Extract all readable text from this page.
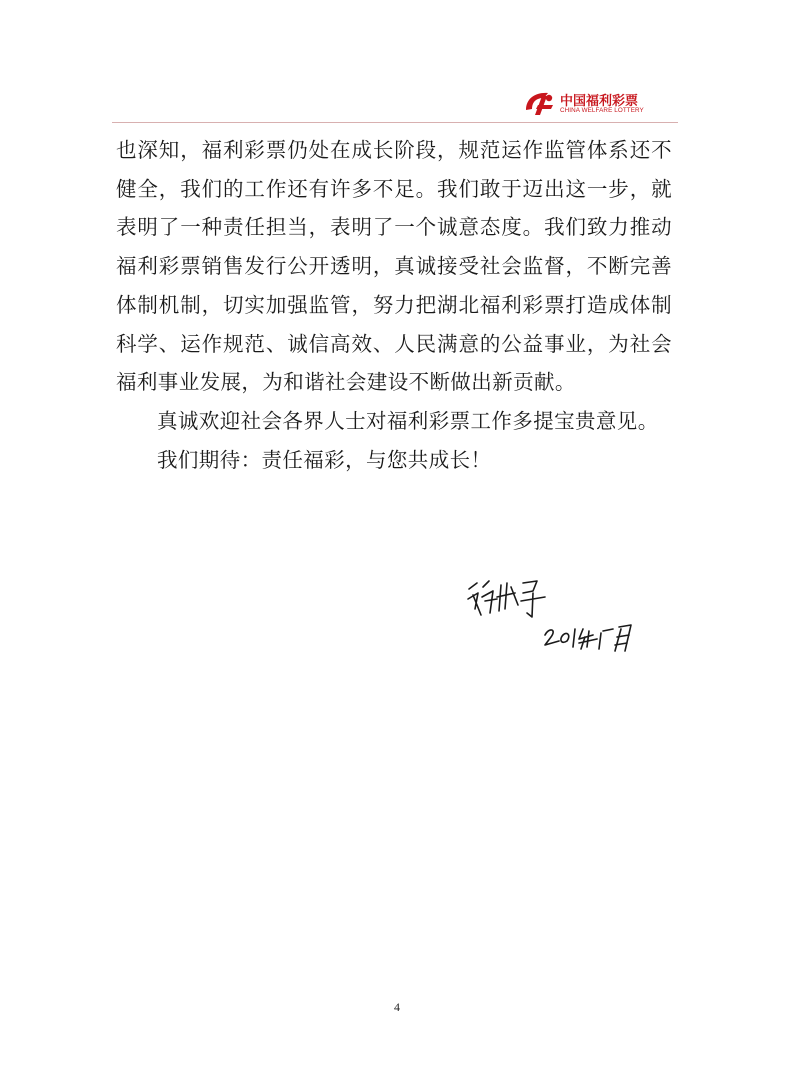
中国福利彩票
CHINA WELFARE LOTTERY

也深知，福利彩票仍处在成长阶段，规范运作监管体系还不健全，我们的工作还有许多不足。我们敢于迈出这一步，就表明了一种责任担当，表明了一个诚意态度。我们致力推动福利彩票销售发行公开透明，真诚接受社会监督，不断完善体制机制，切实加强监管，努力把湖北福利彩票打造成体制科学、运作规范、诚信高效、人民满意的公益事业，为社会福利事业发展，为和谐社会建设不断做出新贡献。

真诚欢迎社会各界人士对福利彩票工作多提宝贵意见。

我们期待：责任福彩，与您共成长！

4
